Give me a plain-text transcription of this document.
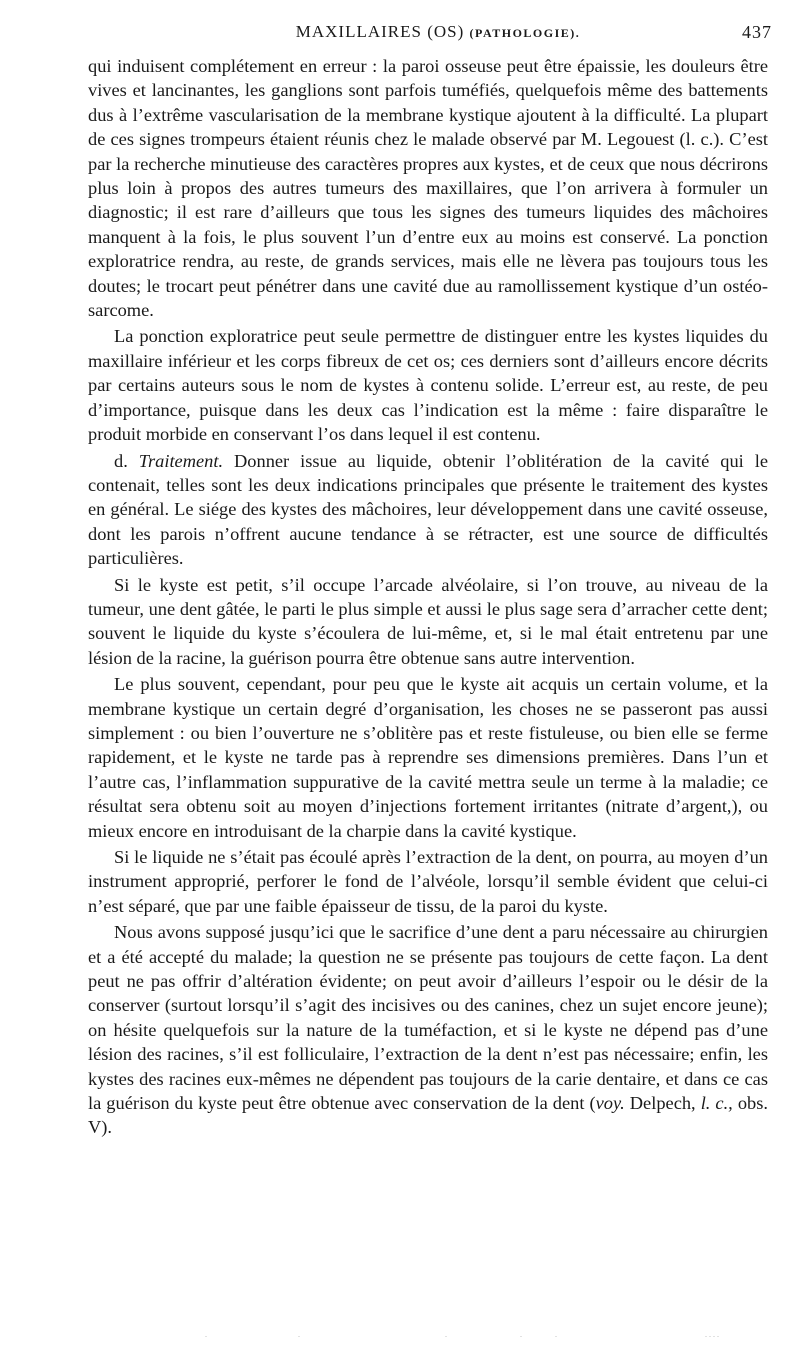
MAXILLAIRES (OS) (PATHOLOGIE).	437

qui induisent complétement en erreur : la paroi osseuse peut être épaissie, les douleurs être vives et lancinantes, les ganglions sont parfois tuméfiés, quelquefois même des battements dus à l’extrême vascularisation de la membrane kystique ajoutent à la difficulté. La plupart de ces signes trompeurs étaient réunis chez le malade observé par M. Legouest (l. c.). C’est par la recherche minutieuse des caractères propres aux kystes, et de ceux que nous décrirons plus loin à propos des autres tumeurs des maxillaires, que l’on arrivera à formuler un diagnostic; il est rare d’ailleurs que tous les signes des tumeurs liquides des mâchoires manquent à la fois, le plus souvent l’un d’entre eux au moins est conservé. La ponction exploratrice rendra, au reste, de grands services, mais elle ne lèvera pas toujours tous les doutes; le trocart peut pénétrer dans une cavité due au ramollissement kystique d’un ostéo-sarcome.

La ponction exploratrice peut seule permettre de distinguer entre les kystes liquides du maxillaire inférieur et les corps fibreux de cet os; ces derniers sont d’ailleurs encore décrits par certains auteurs sous le nom de kystes à contenu solide. L’erreur est, au reste, de peu d’importance, puisque dans les deux cas l’indication est la même : faire disparaître le produit morbide en conservant l’os dans lequel il est contenu.

d. Traitement. Donner issue au liquide, obtenir l’oblitération de la cavité qui le contenait, telles sont les deux indications principales que présente le traitement des kystes en général. Le siége des kystes des mâchoires, leur développement dans une cavité osseuse, dont les parois n’offrent aucune tendance à se rétracter, est une source de difficultés particulières.

Si le kyste est petit, s’il occupe l’arcade alvéolaire, si l’on trouve, au niveau de la tumeur, une dent gâtée, le parti le plus simple et aussi le plus sage sera d’arracher cette dent; souvent le liquide du kyste s’écoulera de lui-même, et, si le mal était entretenu par une lésion de la racine, la guérison pourra être obtenue sans autre intervention.

Le plus souvent, cependant, pour peu que le kyste ait acquis un certain volume, et la membrane kystique un certain degré d’organisation, les choses ne se passeront pas aussi simplement : ou bien l’ouverture ne s’oblitère pas et reste fistuleuse, ou bien elle se ferme rapidement, et le kyste ne tarde pas à reprendre ses dimensions premières. Dans l’un et l’autre cas, l’inflammation suppurative de la cavité mettra seule un terme à la maladie; ce résultat sera obtenu soit au moyen d’injections fortement irritantes (nitrate d’argent,), ou mieux encore en introduisant de la charpie dans la cavité kystique.

Si le liquide ne s’était pas écoulé après l’extraction de la dent, on pourra, au moyen d’un instrument approprié, perforer le fond de l’alvéole, lorsqu’il semble évident que celui-ci n’est séparé, que par une faible épaisseur de tissu, de la paroi du kyste.

Nous avons supposé jusqu’ici que le sacrifice d’une dent a paru nécessaire au chirurgien et a été accepté du malade; la question ne se présente pas toujours de cette façon. La dent peut ne pas offrir d’altération évidente; on peut avoir d’ailleurs l’espoir ou le désir de la conserver (surtout lorsqu’il s’agit des incisives ou des canines, chez un sujet encore jeune); on hésite quelquefois sur la nature de la tuméfaction, et si le kyste ne dépend pas d’une lésion des racines, s’il est folliculaire, l’extraction de la dent n’est pas nécessaire; enfin, les kystes des racines eux-mêmes ne dépendent pas toujours de la carie dentaire, et dans ce cas la guérison du kyste peut être obtenue avec conservation de la dent (voy. Delpech, l. c., obs. V).

.	.	.	.	.	. . . .
